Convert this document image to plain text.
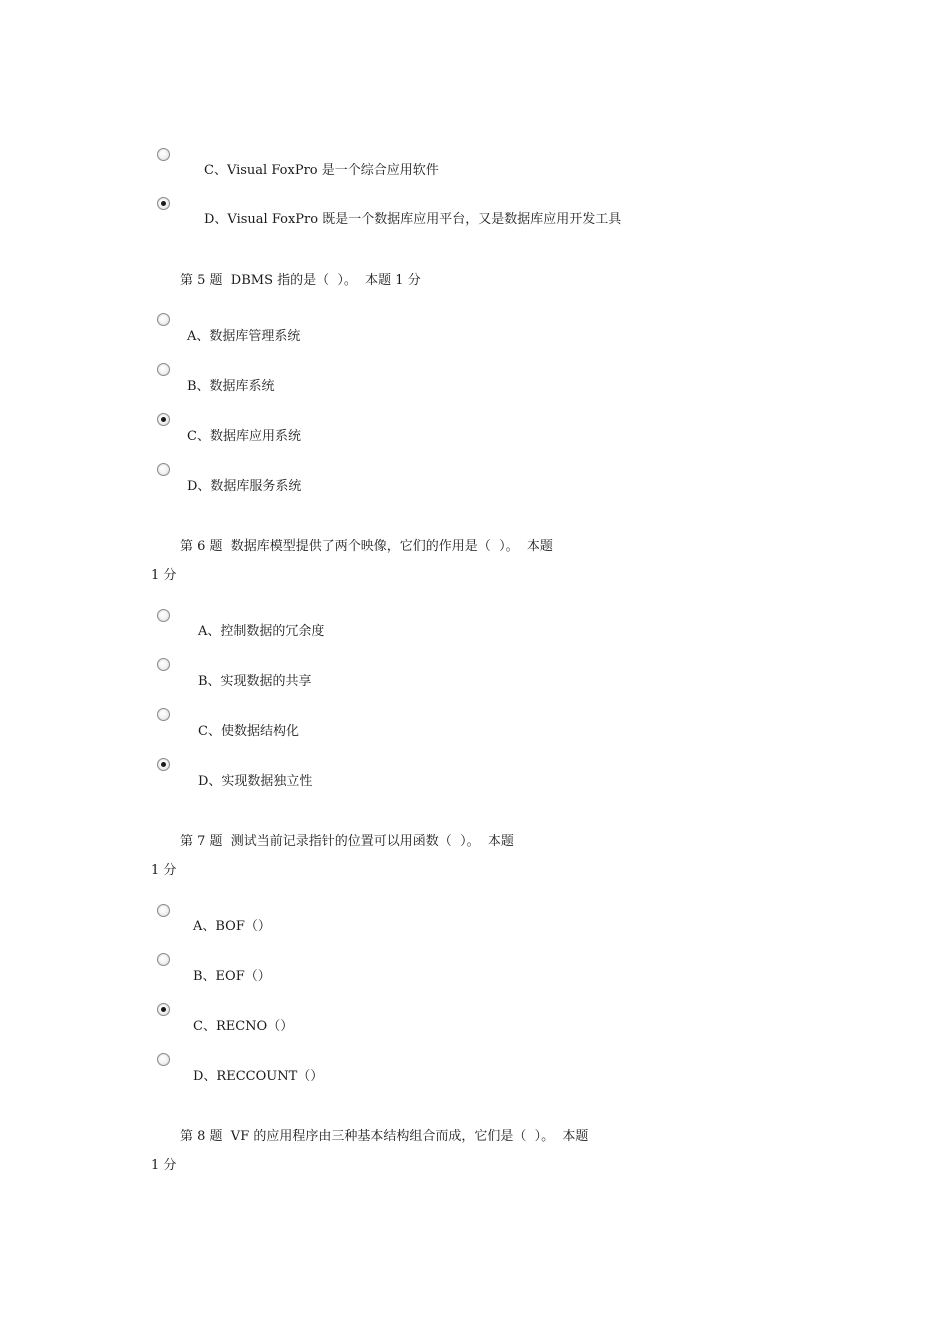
C、Visual FoxPro 是一个综合应用软件
D、Visual FoxPro 既是一个数据库应用平台，又是数据库应用开发工具
第 5 题  DBMS 指的是（  ）。  本题 1 分
A、数据库管理系统
B、数据库系统
C、数据库应用系统
D、数据库服务系统
第 6 题  数据库模型提供了两个映像，它们的作用是（  ）。  本题
1 分
A、控制数据的冗余度
B、实现数据的共享
C、使数据结构化
D、实现数据独立性
第 7 题  测试当前记录指针的位置可以用函数（  ）。  本题
1 分
A、BOF（）
B、EOF（）
C、RECNO（）
D、RECCOUNT（）
第 8 题  VF 的应用程序由三种基本结构组合而成，它们是（  ）。  本题
1 分
